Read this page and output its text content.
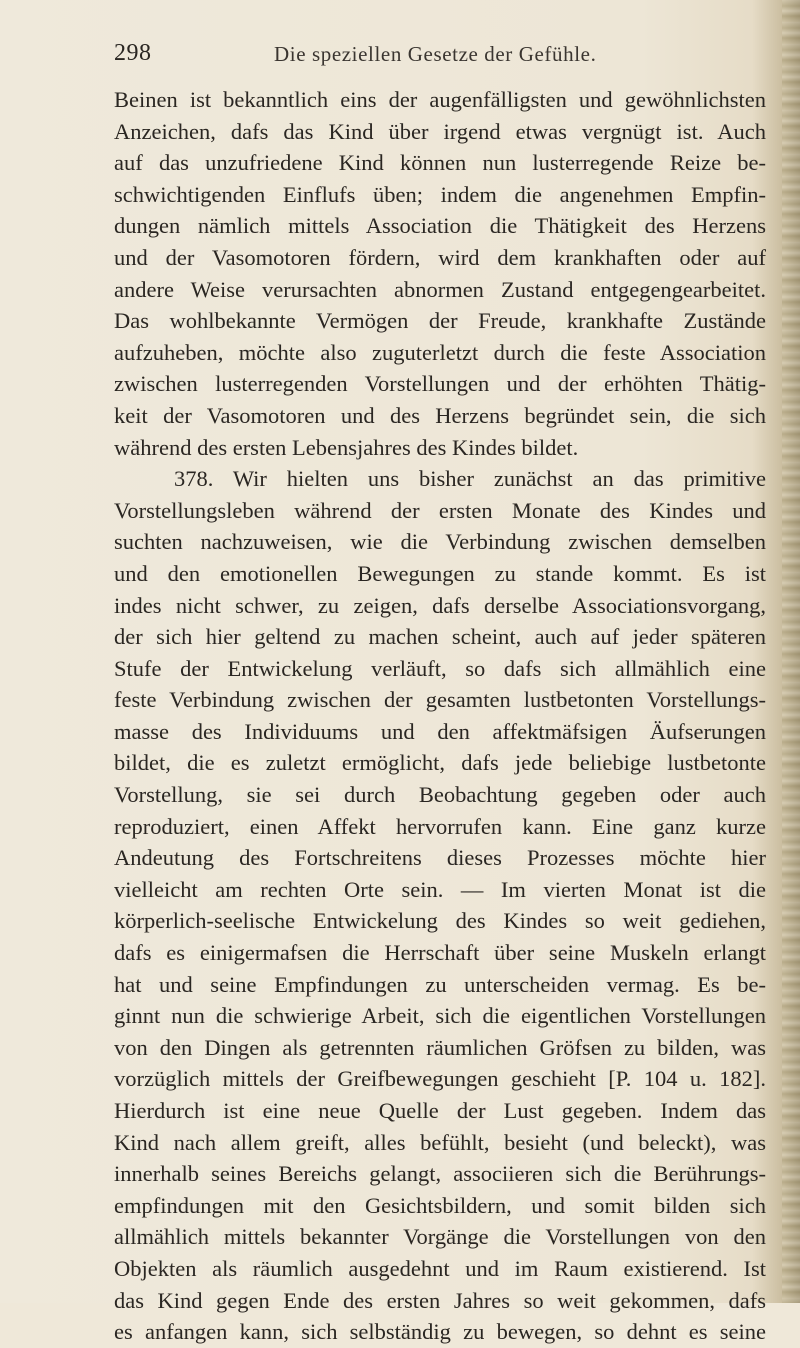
298	Die speziellen Gesetze der Gefühle.
Beinen ist bekanntlich eins der augenfälligsten und gewöhnlichsten
Anzeichen, dafs das Kind über irgend etwas vergnügt ist. Auch
auf das unzufriedene Kind können nun lusterregende Reize be-
schwichtigenden Einflufs üben; indem die angenehmen Empfin-
dungen nämlich mittels Association die Thätigkeit des Herzens
und der Vasomotoren fördern, wird dem krankhaften oder auf
andere Weise verursachten abnormen Zustand entgegengearbeitet.
Das wohlbekannte Vermögen der Freude, krankhafte Zustände
aufzuheben, möchte also zuguterletzt durch die feste Association
zwischen lusterregenden Vorstellungen und der erhöhten Thätig-
keit der Vasomotoren und des Herzens begründet sein, die sich
während des ersten Lebensjahres des Kindes bildet.
378. Wir hielten uns bisher zunächst an das primitive
Vorstellungsleben während der ersten Monate des Kindes und
suchten nachzuweisen, wie die Verbindung zwischen demselben
und den emotionellen Bewegungen zu stande kommt. Es ist
indes nicht schwer, zu zeigen, dafs derselbe Associationsvorgang,
der sich hier geltend zu machen scheint, auch auf jeder späteren
Stufe der Entwickelung verläuft, so dafs sich allmählich eine
feste Verbindung zwischen der gesamten lustbetonten Vorstellungs-
masse des Individuums und den affektmäfsigen Äufserungen
bildet, die es zuletzt ermöglicht, dafs jede beliebige lustbetonte
Vorstellung, sie sei durch Beobachtung gegeben oder auch
reproduziert, einen Affekt hervorrufen kann. Eine ganz kurze
Andeutung des Fortschreitens dieses Prozesses möchte hier
vielleicht am rechten Orte sein. — Im vierten Monat ist die
körperlich-seelische Entwickelung des Kindes so weit gediehen,
dafs es einigermafsen die Herrschaft über seine Muskeln erlangt
hat und seine Empfindungen zu unterscheiden vermag. Es be-
ginnt nun die schwierige Arbeit, sich die eigentlichen Vorstellungen
von den Dingen als getrennten räumlichen Gröfsen zu bilden, was
vorzüglich mittels der Greifbewegungen geschieht [P. 104 u. 182].
Hierdurch ist eine neue Quelle der Lust gegeben. Indem das
Kind nach allem greift, alles befühlt, besieht (und beleckt), was
innerhalb seines Bereichs gelangt, associieren sich die Berührungs-
empfindungen mit den Gesichtsbildern, und somit bilden sich
allmählich mittels bekannter Vorgänge die Vorstellungen von den
Objekten als räumlich ausgedehnt und im Raum existierend. Ist
das Kind gegen Ende des ersten Jahres so weit gekommen, dafs
es anfangen kann, sich selbständig zu bewegen, so dehnt es seine
